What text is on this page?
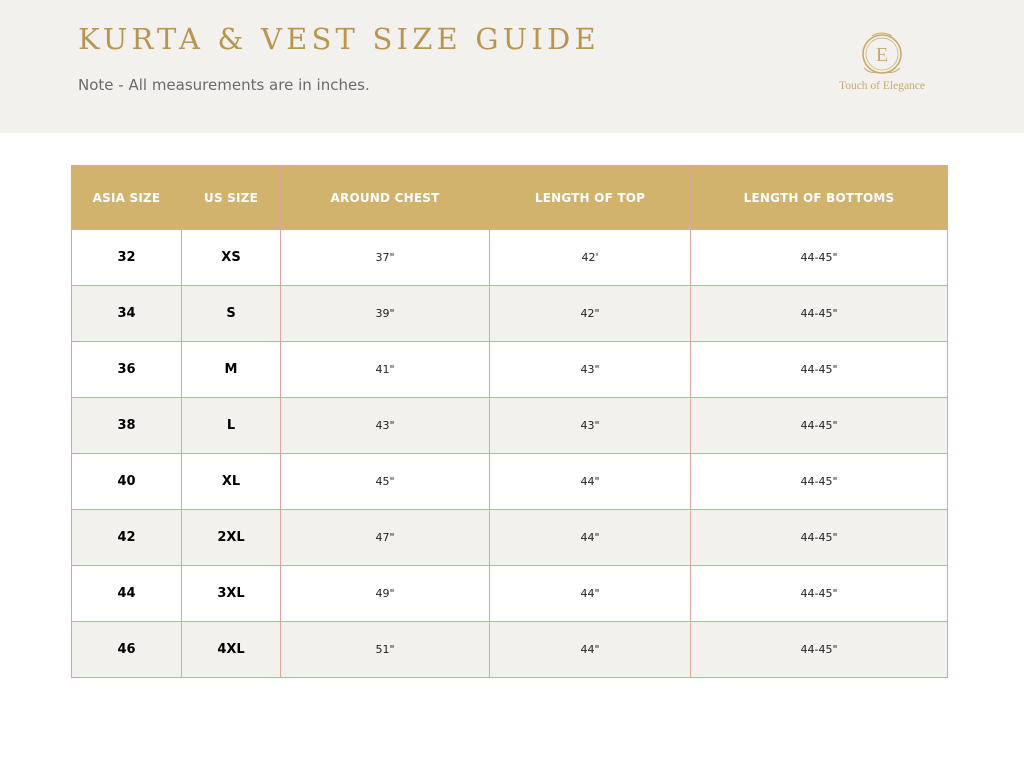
KURTA & VEST SIZE GUIDE
Note - All measurements are in inches.
E
Touch of Elegance
ASIA SIZE	US SIZE	AROUND CHEST	LENGTH OF TOP	LENGTH OF BOTTOMS
32	XS	37"	42'	44-45"
34	S	39"	42"	44-45"
36	M	41"	43"	44-45"
38	L	43"	43"	44-45"
40	XL	45"	44"	44-45"
42	2XL	47"	44"	44-45"
44	3XL	49"	44"	44-45"
46	4XL	51"	44"	44-45"
